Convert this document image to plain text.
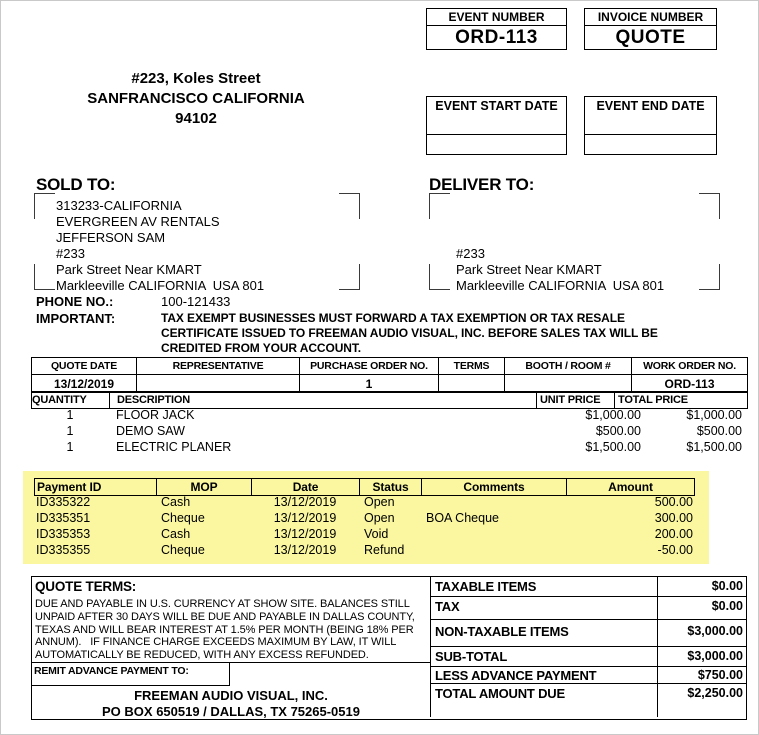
EVENT NUMBER
ORD-113
INVOICE NUMBER
QUOTE
#223, Koles Street
SANFRANCISCO CALIFORNIA
94102
EVENT START DATE	EVENT END DATE
SOLD TO:
313233-CALIFORNIA
EVERGREEN AV RENTALS
JEFFERSON SAM
#233
Park Street Near KMART
Markleeville CALIFORNIA  USA 801
DELIVER TO:
#233
Park Street Near KMART
Markleeville CALIFORNIA  USA 801
PHONE NO.:	100-121433
IMPORTANT:	TAX EXEMPT BUSINESSES MUST FORWARD A TAX EXEMPTION OR TAX RESALE
CERTIFICATE ISSUED TO FREEMAN AUDIO VISUAL, INC. BEFORE SALES TAX WILL BE
CREDITED FROM YOUR ACCOUNT.
QUOTE DATE	REPRESENTATIVE	PURCHASE ORDER NO.	TERMS	BOOTH / ROOM #	WORK ORDER NO.
13/12/2019		1			ORD-113
QUANTITY	DESCRIPTION	UNIT PRICE	TOTAL PRICE
1	FLOOR JACK	$1,000.00	$1,000.00
1	DEMO SAW	$500.00	$500.00
1	ELECTRIC PLANER	$1,500.00	$1,500.00
Payment ID	MOP	Date	Status	Comments	Amount
ID335322	Cash	13/12/2019	Open		500.00
ID335351	Cheque	13/12/2019	Open	BOA Cheque	300.00
ID335353	Cash	13/12/2019	Void		200.00
ID335355	Cheque	13/12/2019	Refund		-50.00
QUOTE TERMS:
DUE AND PAYABLE IN U.S. CURRENCY AT SHOW SITE. BALANCES STILL
UNPAID AFTER 30 DAYS WILL BE DUE AND PAYABLE IN DALLAS COUNTY,
TEXAS AND WILL BEAR INTEREST AT 1.5% PER MONTH (BEING 18% PER
ANNUM).   IF FINANCE CHARGE EXCEEDS MAXIMUM BY LAW, IT WILL
AUTOMATICALLY BE REDUCED, WITH ANY EXCESS REFUNDED.
REMIT ADVANCE PAYMENT TO:
FREEMAN AUDIO VISUAL, INC.
PO BOX 650519 / DALLAS, TX 75265-0519
TAXABLE ITEMS	$0.00
TAX	$0.00
NON-TAXABLE ITEMS	$3,000.00
SUB-TOTAL	$3,000.00
LESS ADVANCE PAYMENT	$750.00
TOTAL AMOUNT DUE	$2,250.00
